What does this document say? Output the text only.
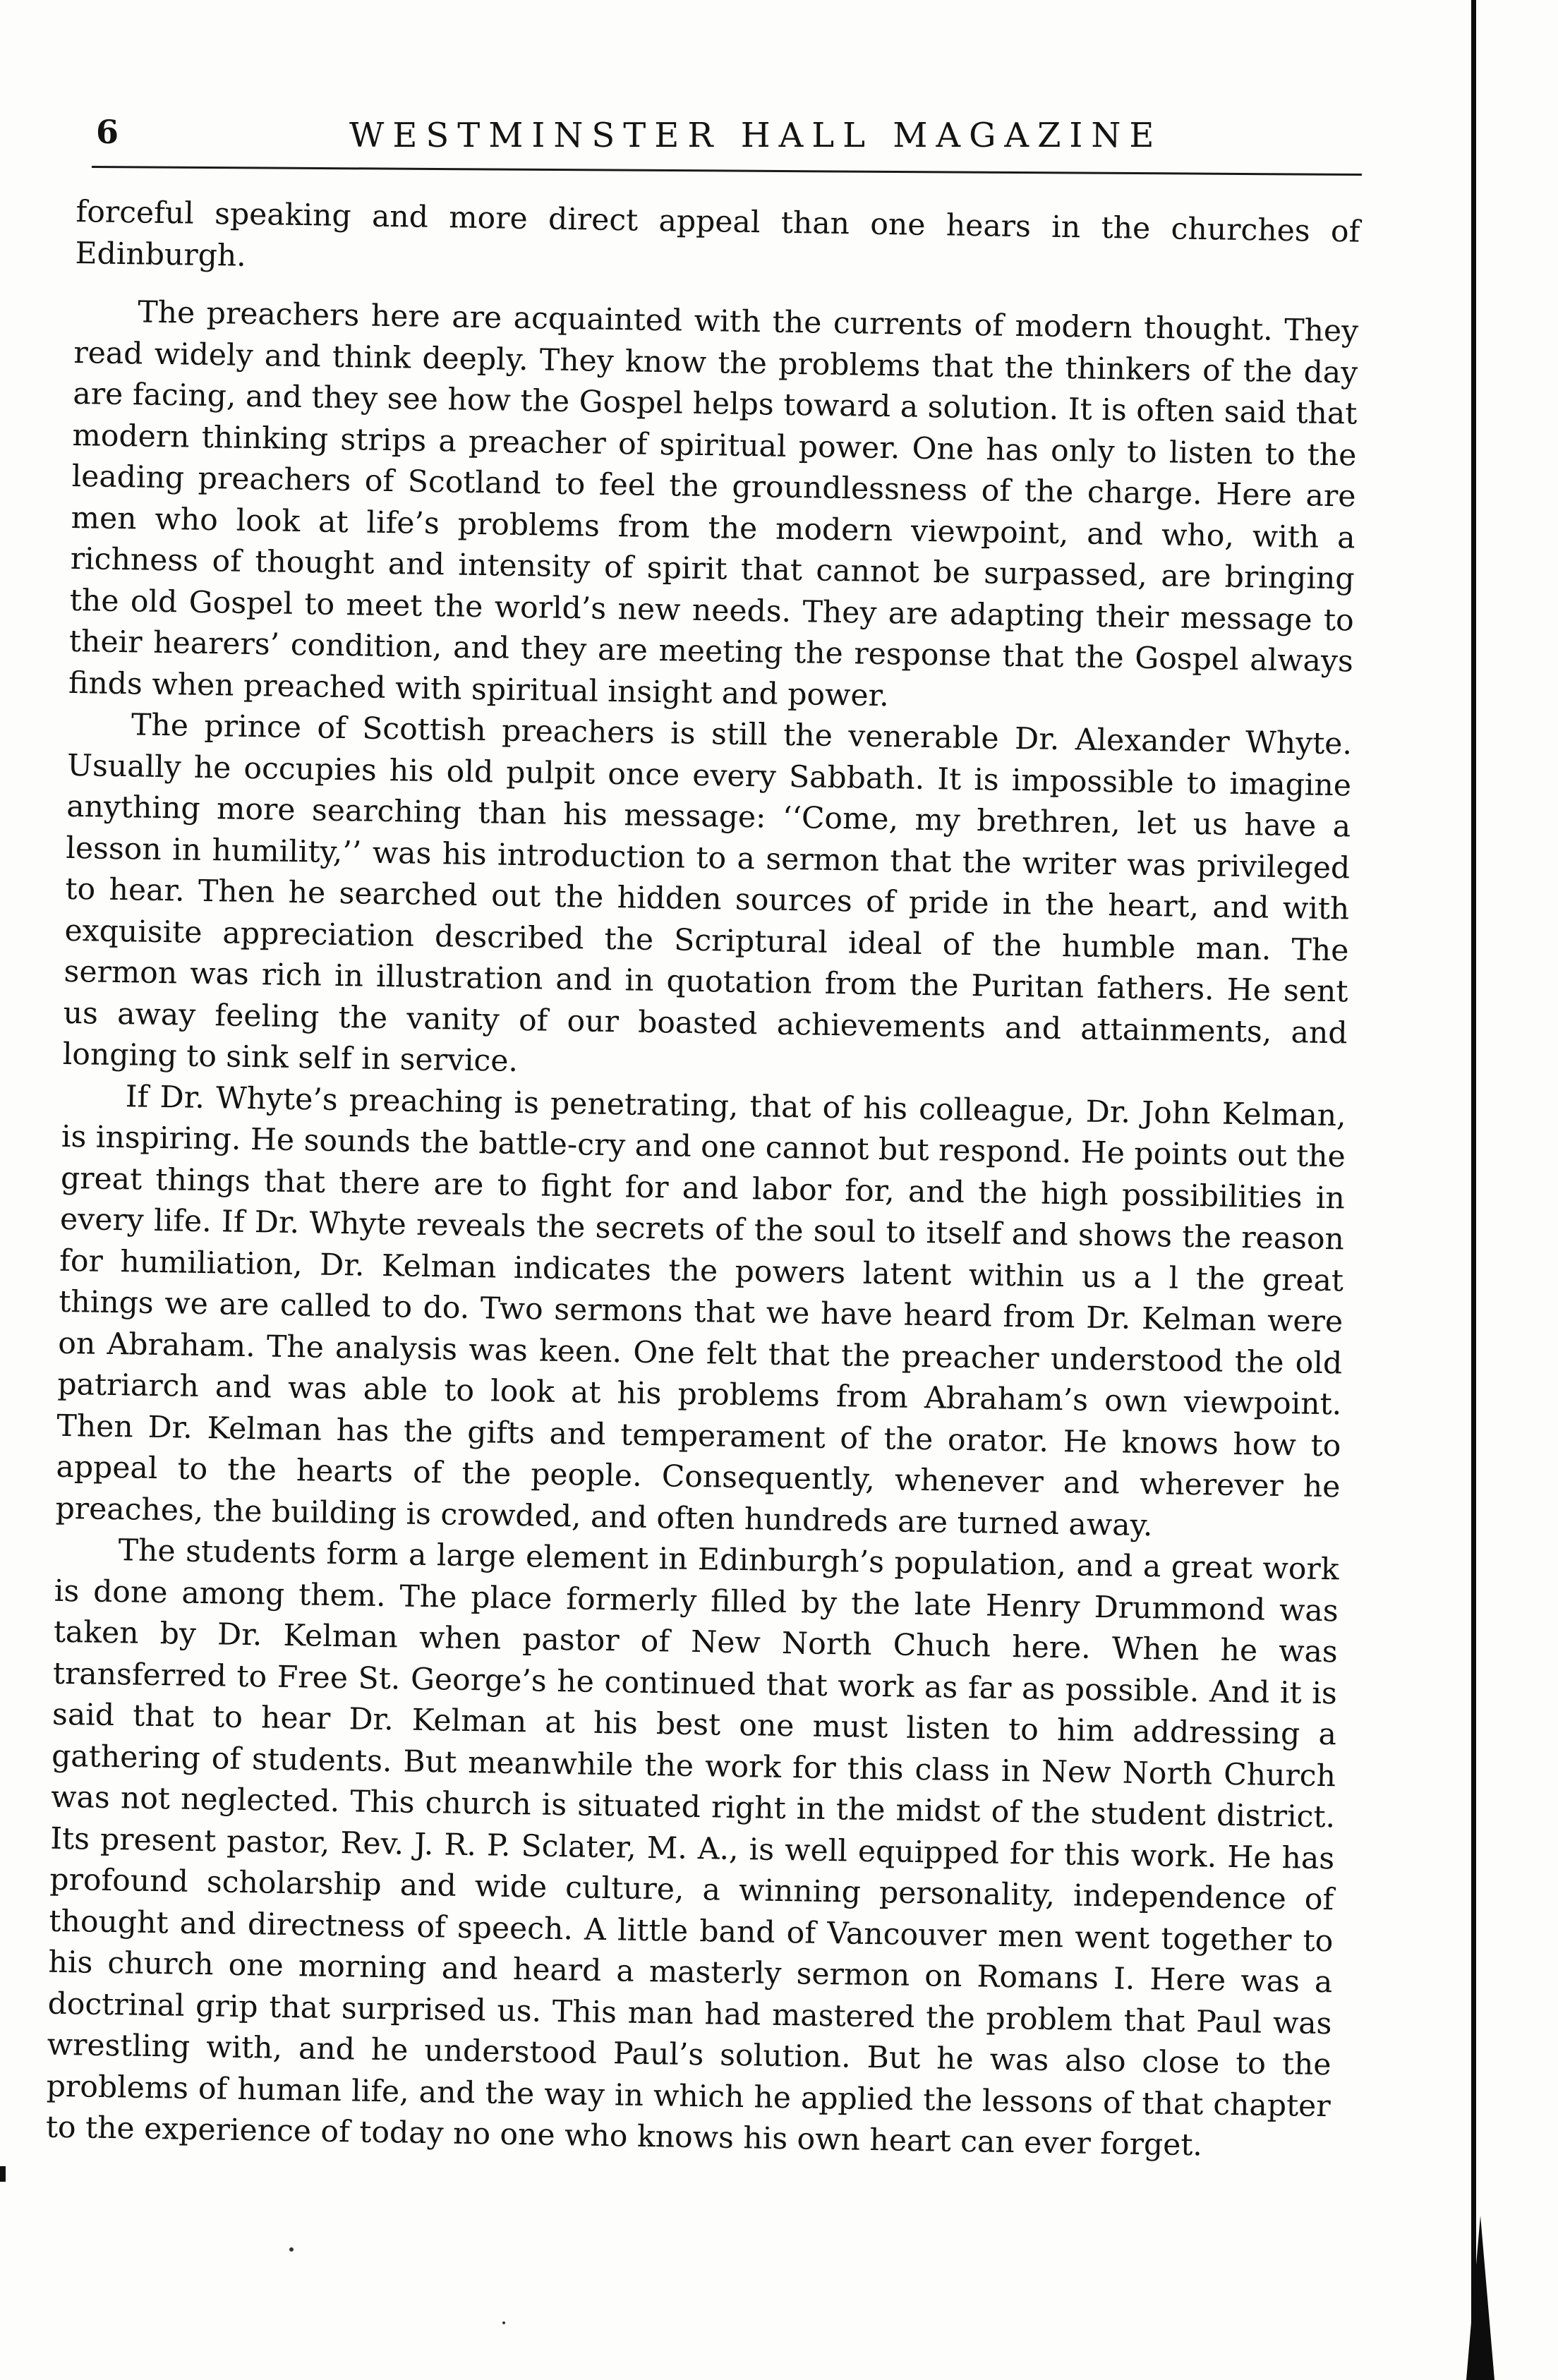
6	WESTMINSTER HALL MAGAZINE

forceful speaking and more direct appeal than one hears in the churches of Edinburgh.

The preachers here are acquainted with the currents of modern thought. They read widely and think deeply. They know the problems that the thinkers of the day are facing, and they see how the Gospel helps toward a solution. It is often said that modern thinking strips a preacher of spiritual power. One has only to listen to the leading preachers of Scotland to feel the groundlessness of the charge. Here are men who look at life’s problems from the modern viewpoint, and who, with a richness of thought and intensity of spirit that cannot be surpassed, are bringing the old Gospel to meet the world’s new needs. They are adapting their message to their hearers’ condition, and they are meeting the response that the Gospel always finds when preached with spiritual insight and power.

The prince of Scottish preachers is still the venerable Dr. Alexander Whyte. Usually he occupies his old pulpit once every Sabbath. It is impossible to imagine anything more searching than his message: ‘‘Come, my brethren, let us have a lesson in humility,’’ was his introduction to a sermon that the writer was privileged to hear. Then he searched out the hidden sources of pride in the heart, and with exquisite appreciation described the Scriptural ideal of the humble man. The sermon was rich in illustration and in quotation from the Puritan fathers. He sent us away feeling the vanity of our boasted achievements and attainments, and longing to sink self in service.

If Dr. Whyte’s preaching is penetrating, that of his colleague, Dr. John Kelman, is inspiring. He sounds the battle-cry and one cannot but respond. He points out the great things that there are to fight for and labor for, and the high possibilities in every life. If Dr. Whyte reveals the secrets of the soul to itself and shows the reason for humiliation, Dr. Kelman indicates the powers latent within us a l the great things we are called to do. Two sermons that we have heard from Dr. Kelman were on Abraham. The analysis was keen. One felt that the preacher understood the old patriarch and was able to look at his problems from Abraham’s own viewpoint. Then Dr. Kelman has the gifts and temperament of the orator. He knows how to appeal to the hearts of the people. Consequently, whenever and wherever he preaches, the building is crowded, and often hundreds are turned away.

The students form a large element in Edinburgh’s population, and a great work is done among them. The place formerly filled by the late Henry Drummond was taken by Dr. Kelman when pastor of New North Chuch here. When he was transferred to Free St. George’s he continued that work as far as possible. And it is said that to hear Dr. Kelman at his best one must listen to him addressing a gathering of students. But meanwhile the work for this class in New North Church was not neglected. This church is situated right in the midst of the student district. Its present pastor, Rev. J. R. P. Sclater, M. A., is well equipped for this work. He has profound scholarship and wide culture, a winning personality, independence of thought and directness of speech. A little band of Vancouver men went together to his church one morning and heard a masterly sermon on Romans I. Here was a doctrinal grip that surprised us. This man had mastered the problem that Paul was wrestling with, and he understood Paul’s solution. But he was also close to the problems of human life, and the way in which he applied the lessons of that chapter to the experience of today no one who knows his own heart can ever forget.
